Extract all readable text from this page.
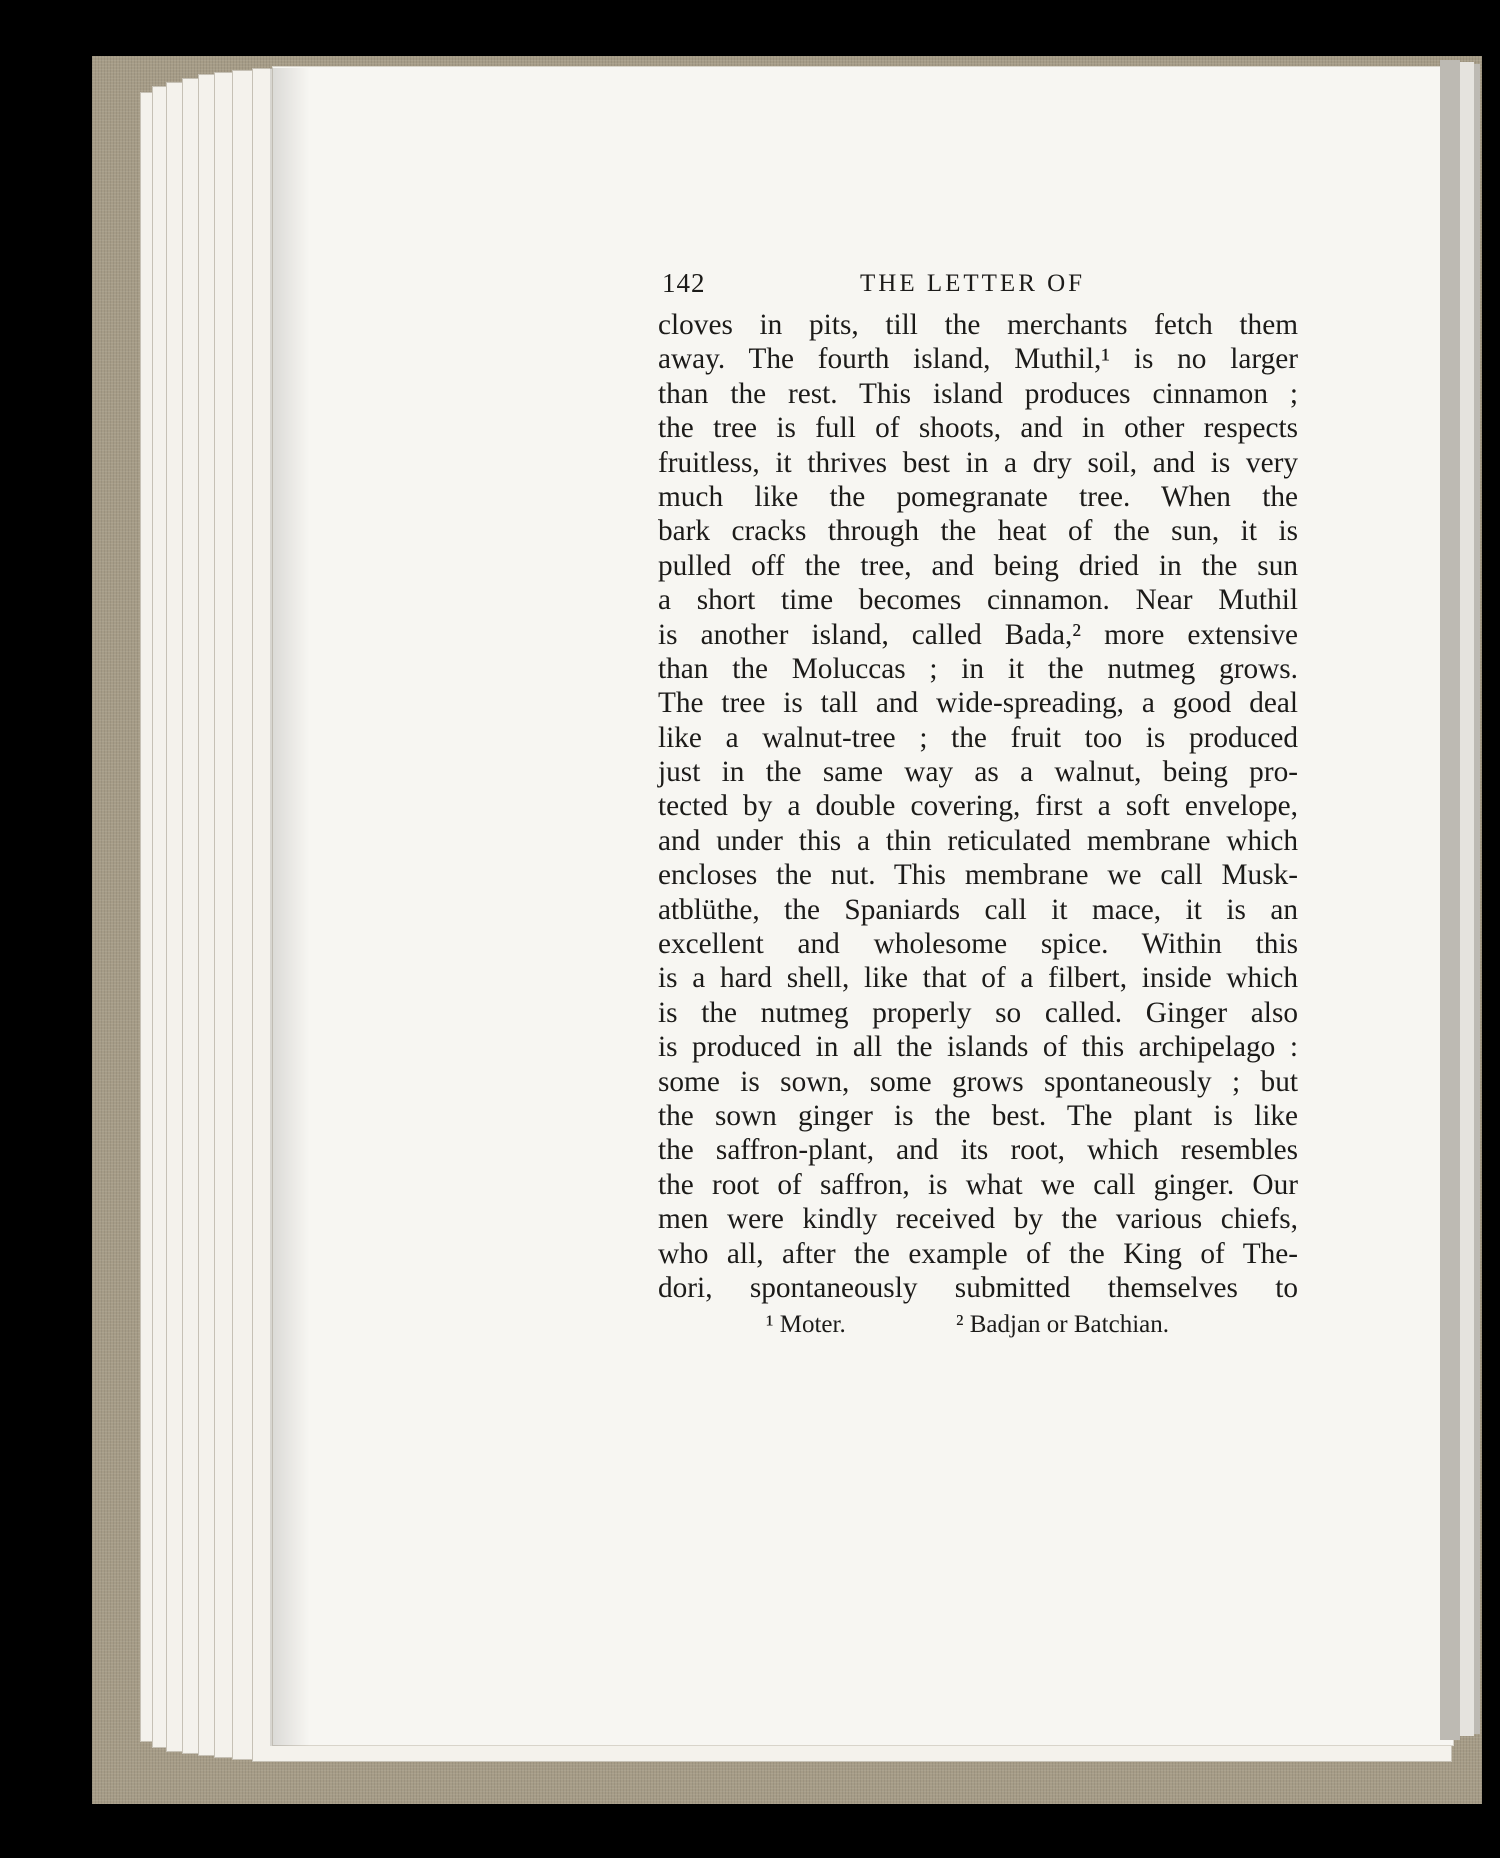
142	THE LETTER OF
cloves in pits, till the merchants fetch them
away. The fourth island, Muthil,¹ is no larger
than the rest. This island produces cinnamon ;
the tree is full of shoots, and in other respects
fruitless, it thrives best in a dry soil, and is very
much like the pomegranate tree. When the
bark cracks through the heat of the sun, it is
pulled off the tree, and being dried in the sun
a short time becomes cinnamon. Near Muthil
is another island, called Bada,² more extensive
than the Moluccas ; in it the nutmeg grows.
The tree is tall and wide-spreading, a good deal
like a walnut-tree ; the fruit too is produced
just in the same way as a walnut, being pro-
tected by a double covering, first a soft envelope,
and under this a thin reticulated membrane which
encloses the nut. This membrane we call Musk-
atblüthe, the Spaniards call it mace, it is an
excellent and wholesome spice. Within this
is a hard shell, like that of a filbert, inside which
is the nutmeg properly so called. Ginger also
is produced in all the islands of this archipelago :
some is sown, some grows spontaneously ; but
the sown ginger is the best. The plant is like
the saffron-plant, and its root, which resembles
the root of saffron, is what we call ginger. Our
men were kindly received by the various chiefs,
who all, after the example of the King of The-
dori, spontaneously submitted themselves to
¹ Moter.	² Badjan or Batchian.
